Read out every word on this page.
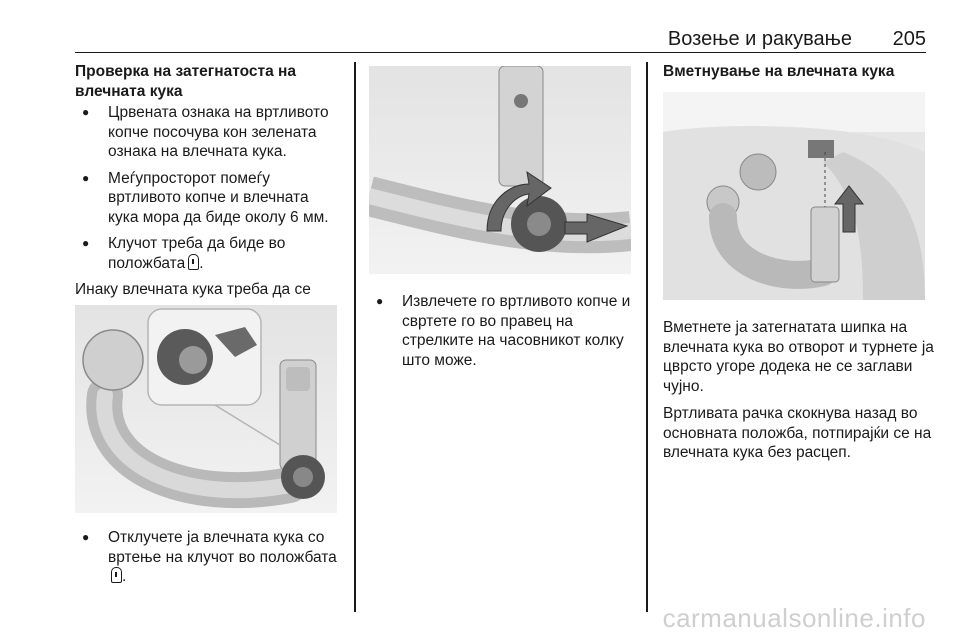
Возење и ракување 205
Проверка на затегнатоста на влечната кука
● Црвената ознака на вртливото копче посочува кон зелената ознака на влечната кука.
● Меѓупросторот помеѓу вртливото копче и влечната кука мора да биде околу 6 мм.
● Клучот треба да биде во положбата .

Инаку влечната кука треба да се

● Отклучете ја влечната кука со вртење на клучот во положбата.
● Извлечете го вртливото копче и свртете го во правец на стрелките на часовникот колку што може.
Вметнување на влечната кука

Вметнете ја затегнатата шипка на влечната кука во отворот и турнете ја цврсто угоре додека не се заглави чујно.

Вртливата рачка скокнува назад во основната положба, потпирајќи се на влечната кука без расцеп.

carmanualsonline.info
